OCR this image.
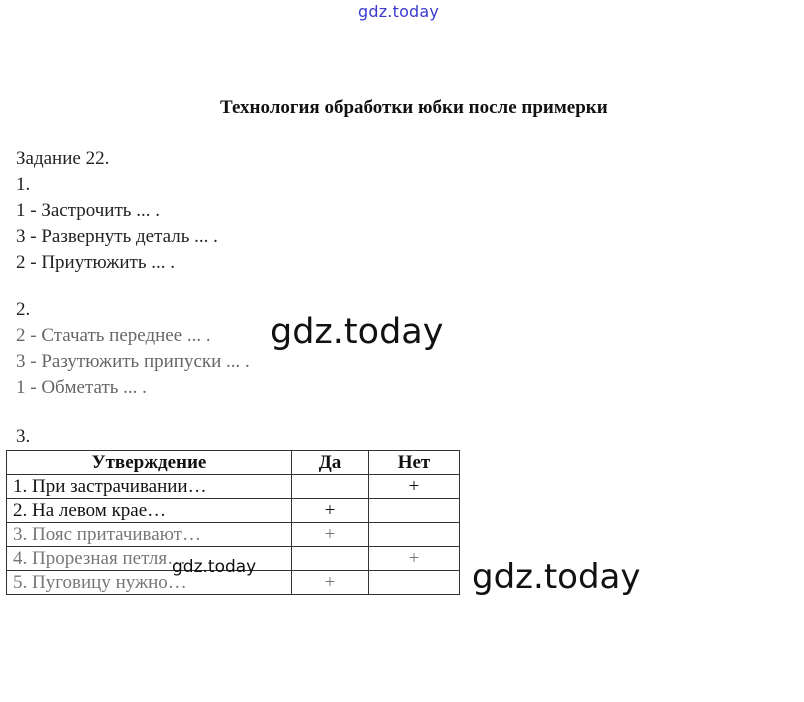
gdz.today
Технология обработки юбки после примерки
Задание 22.
1.
1 - Застрочить ... .
3 - Развернуть деталь ... .
2 - Приутюжить ... .
2.
2 - Стачать переднее ... .
3 - Разутюжить припуски ... .
1 - Обметать ... .
gdz.today
3.
Утверждение	Да	Нет
1. При застрачивании…		+
2. На левом крае…	+	
3. Пояс притачивают…	+	
4. Прорезная петля…		+
5. Пуговицу нужно…	+	
gdz.today	gdz.today
